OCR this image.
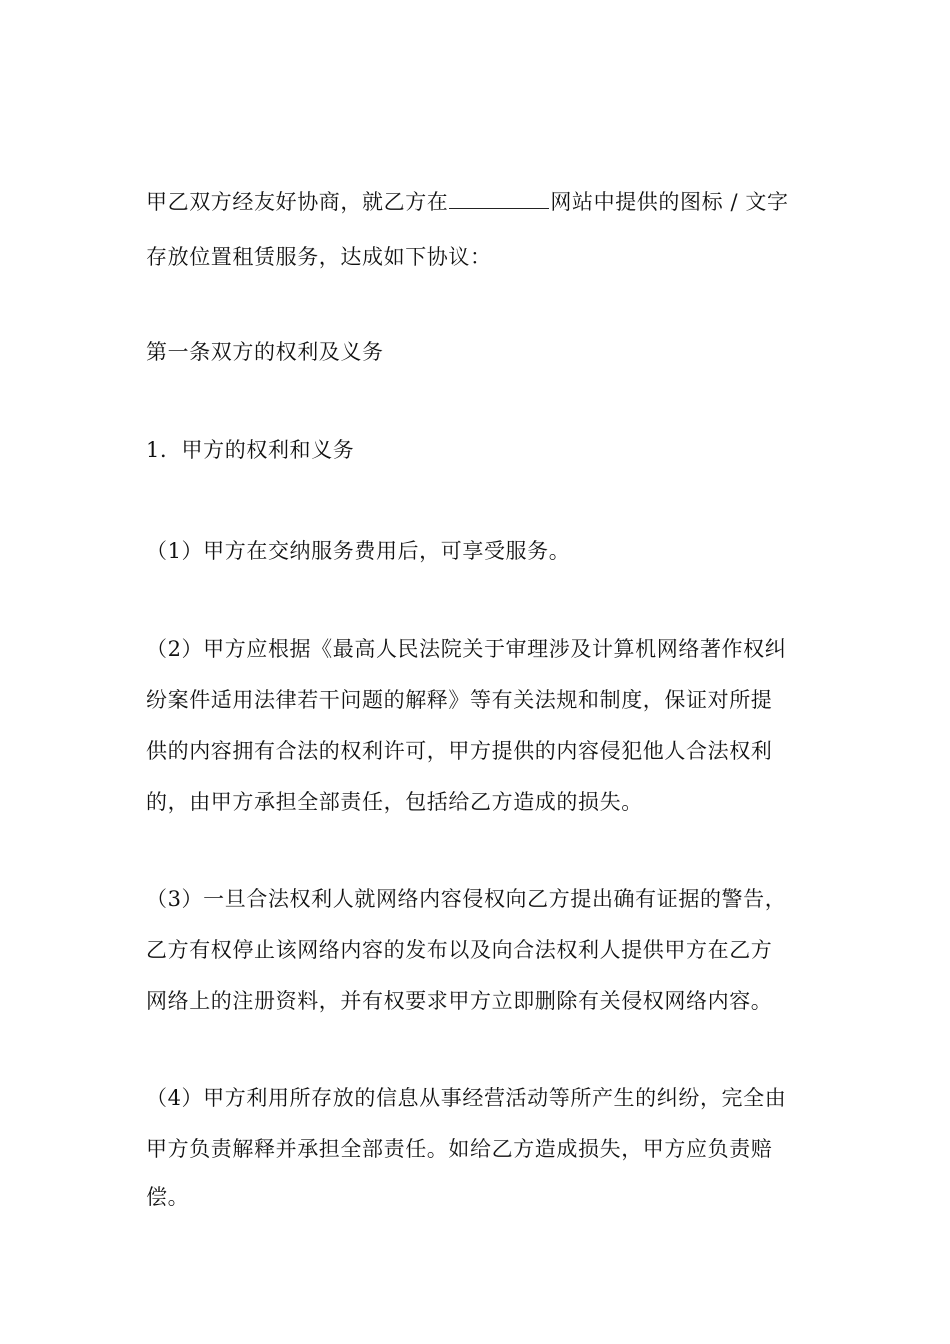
甲乙双方经友好协商，就乙方在	网站中提供的图标 / 文字
存放位置租赁服务，达成如下协议：
第一条双方的权利及义务
1．甲方的权利和义务
（1）甲方在交纳服务费用后，可享受服务。
（2）甲方应根据《最高人民法院关于审理涉及计算机网络著作权纠
纷案件适用法律若干问题的解释》等有关法规和制度，保证对所提
供的内容拥有合法的权利许可，甲方提供的内容侵犯他人合法权利
的，由甲方承担全部责任，包括给乙方造成的损失。
（3）一旦合法权利人就网络内容侵权向乙方提出确有证据的警告，
乙方有权停止该网络内容的发布以及向合法权利人提供甲方在乙方
网络上的注册资料，并有权要求甲方立即删除有关侵权网络内容。
（4）甲方利用所存放的信息从事经营活动等所产生的纠纷，完全由
甲方负责解释并承担全部责任。如给乙方造成损失，甲方应负责赔
偿。
